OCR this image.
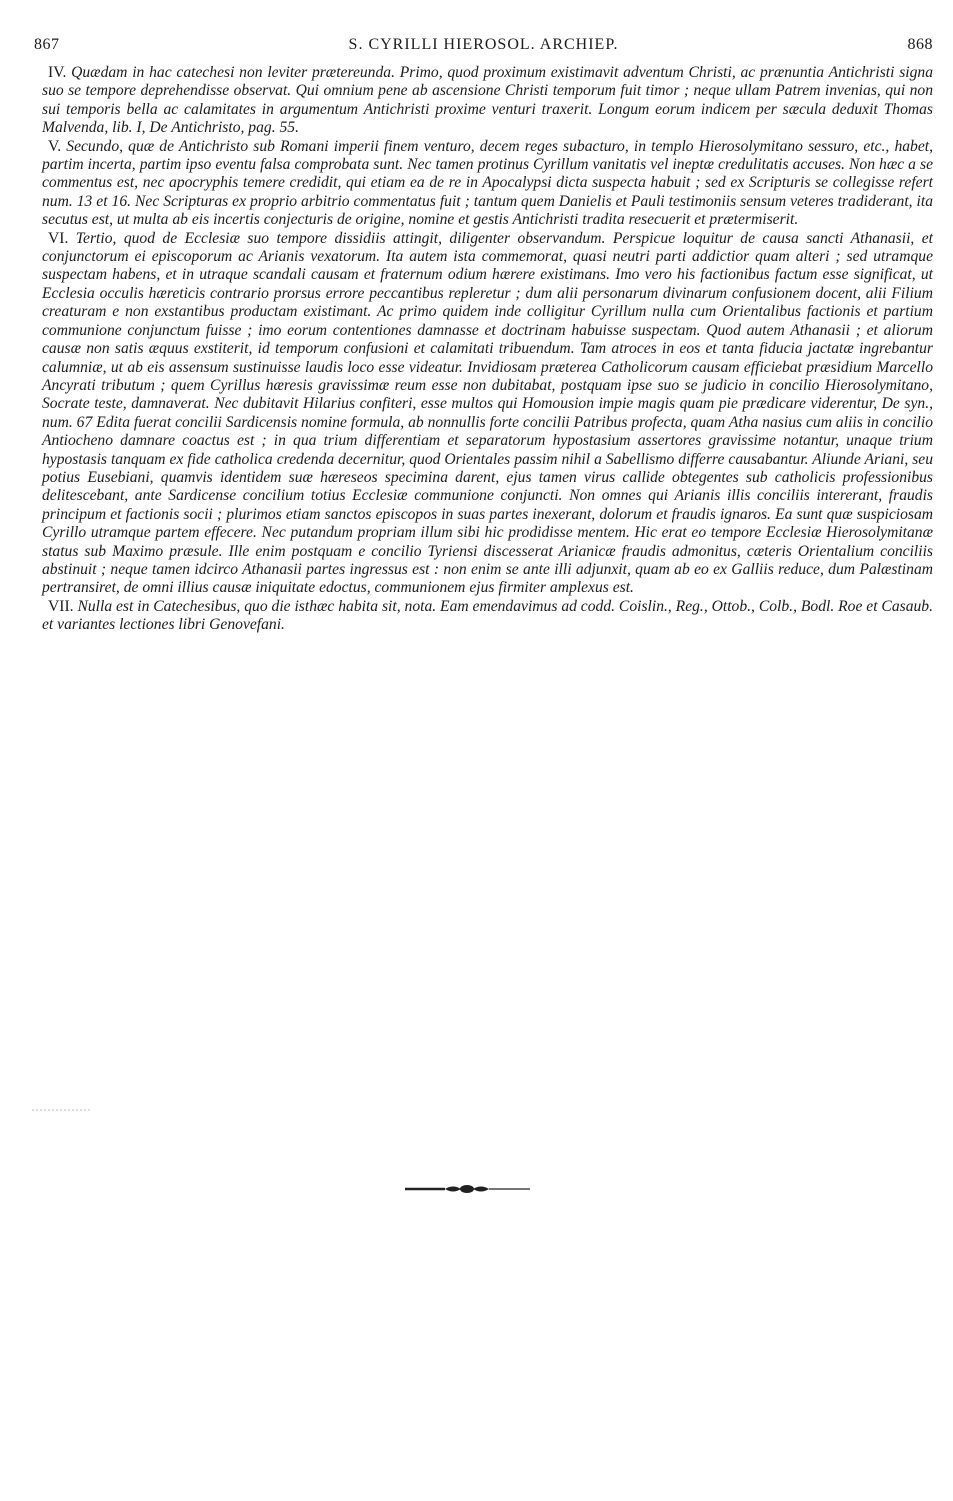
867	S. CYRILLI HIEROSOL. ARCHIEP.	868

IV. Quædam in hac catechesi non leviter prætereunda. Primo, quod proximum existimavit adventum Christi, ac prænuntia Antichristi signa suo se tempore deprehendisse observat. Qui omnium pene ab ascensione Christi temporum fuit timor ; neque ullam Patrem invenias, qui non sui temporis bella ac calamitates in argumentum Antichristi proxime venturi traxerit. Longum eorum indicem per sæcula deduxit Thomas Malvenda, lib. I, De Antichristo, pag. 55.

V. Secundo, quæ de Antichristo sub Romani imperii finem venturo, decem reges subacturo, in templo Hierosolymitano sessuro, etc., habet, partim incerta, partim ipso eventu falsa comprobata sunt. Nec tamen protinus Cyrillum vanitatis vel ineptæ credulitatis accuses. Non hæc a se commentus est, nec apocryphis temere credidit, qui etiam ea de re in Apocalypsi dicta suspecta habuit ; sed ex Scripturis se collegisse refert num. 13 et 16. Nec Scripturas ex proprio arbitrio commentatus fuit ; tantum quem Danielis et Pauli testimoniis sensum veteres tradiderant, ita secutus est, ut multa ab eis incertis conjecturis de origine, nomine et gestis Antichristi tradita resecuerit et prætermiserit.

VI. Tertio, quod de Ecclesiæ suo tempore dissidiis attingit, diligenter observandum. Perspicue loquitur de causa sancti Athanasii, et conjunctorum ei episcoporum ac Arianis vexatorum. Ita autem ista commemorat, quasi neutri parti addictior quam alteri ; sed utramque suspectam habens, et in utraque scandali causam et fraternum odium hærere existimans. Imo vero his factionibus factum esse significat, ut Ecclesia occulis hæreticis contrario prorsus errore peccantibus repleretur ; dum alii personarum divinarum confusionem docent, alii Filium creaturam e non exstantibus productam existimant. Ac primo quidem inde colligitur Cyrillum nulla cum Orientalibus factionis et partium communione conjunctum fuisse ; imo eorum contentiones damnasse et doctrinam habuisse suspectam. Quod autem Athanasii ; et aliorum causæ non satis æquus exstiterit, id temporum confusioni et calamitati tribuendum. Tam atroces in eos et tanta fiducia jactatæ ingrebantur calumniæ, ut ab eis assensum sustinuisse laudis loco esse videatur. Invidiosam præterea Catholicorum causam efficiebat præsidium Marcello Ancyrati tributum ; quem Cyrillus hæresis gravissimæ reum esse non dubitabat, postquam ipse suo se judicio in concilio Hierosolymitano, Socrate teste, damnaverat. Nec dubitavit Hilarius confiteri, esse multos qui Homousion impie magis quam pie prædicare viderentur, De syn., num. 67 Edita fuerat concilii Sardicensis nomine formula, ab nonnullis forte concilii Patribus profecta, quam Atha nasius cum aliis in concilio Antiocheno damnare coactus est ; in qua trium differentiam et separatorum hypostasium assertores gravissime notantur, unaque trium hypostasis tanquam ex fide catholica credenda decernitur, quod Orientales passim nihil a Sabellismo differre causabantur. Aliunde Ariani, seu potius Eusebiani, quamvis identidem suæ hæreseos specimina darent, ejus tamen virus callide obtegentes sub catholicis professionibus delitescebant, ante Sardicense concilium totius Ecclesiæ communione conjuncti. Non omnes qui Arianis illis conciliis intererant, fraudis principum et factionis socii ; plurimos etiam sanctos episcopos in suas partes inexerant, dolorum et fraudis ignaros. Ea sunt quæ suspiciosam Cyrillo utramque partem effecere. Nec putandum propriam illum sibi hic prodidisse mentem. Hic erat eo tempore Ecclesiæ Hierosolymitanæ status sub Maximo præsule. Ille enim postquam e concilio Tyriensi discesserat Arianicæ fraudis admonitus, cæteris Orientalium conciliis abstinuit ; neque tamen idcirco Athanasii partes ingressus est : non enim se ante illi adjunxit, quam ab eo ex Galliis reduce, dum Palæstinam pertransiret, de omni illius causæ iniquitate edoctus, communionem ejus firmiter amplexus est.

VII. Nulla est in Catechesibus, quo die isthæc habita sit, nota. Eam emendavimus ad codd. Coislin., Reg., Ottob., Colb., Bodl. Roe et Casaub. et variantes lectiones libri Genovefani.
